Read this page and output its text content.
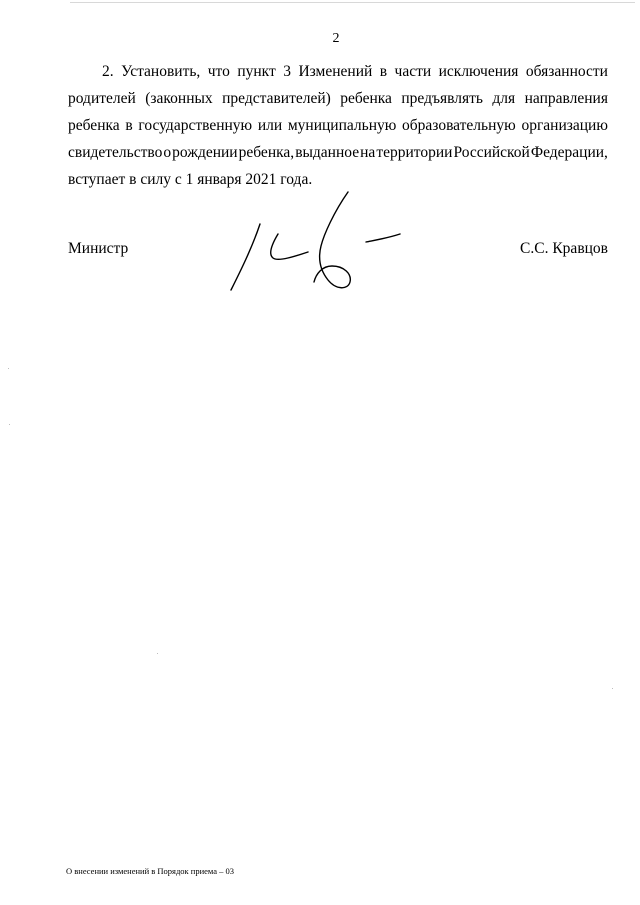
2
2. Установить, что пункт 3 Изменений в части исключения обязанности
родителей (законных представителей) ребенка предъявлять для направления
ребенка в государственную или муниципальную образовательную организацию
свидетельство о рождении ребенка, выданное на территории Российской Федерации,
вступает в силу с 1 января 2021 года.
Министр	С.С. Кравцов
О внесении изменений в Порядок приема – 03
